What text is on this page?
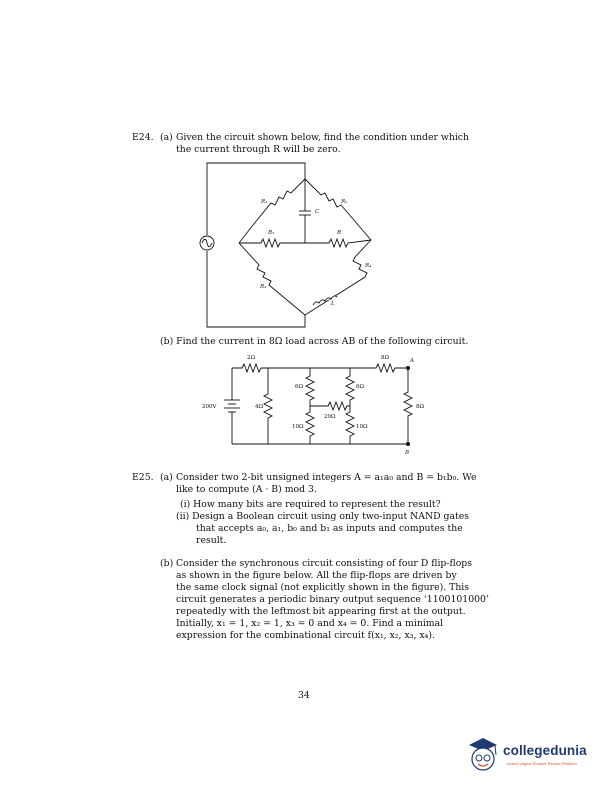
E24. (a) Given the circuit shown below, find the condition under which

the current through R will be zero.

R₁	R₂
C
R₃	R
R₄
R₃
L

(b) Find the current in 8Ω load across AB of the following circuit.

2Ω	8Ω	A
B
200V	4Ω
6Ω	6Ω
20Ω
10Ω	10Ω
8Ω

E25. (a) Consider two 2-bit unsigned integers A = a₁a₀ and B = b₁b₀. We

like to compute (A · B) mod 3.

(i) How many bits are required to represent the result?

(ii) Design a Boolean circuit using only two-input NAND gates

that accepts a₀, a₁, b₀ and b₁ as inputs and computes the

result.

(b) Consider the synchronous circuit consisting of four D flip-flops

as shown in the figure below. All the flip-flops are driven by

the same clock signal (not explicitly shown in the figure). This

circuit generates a periodic binary output sequence ‘1100101000’

repeatedly with the leftmost bit appearing first at the output.

Initially, x₁ = 1, x₂ = 1, x₃ = 0 and x₄ = 0. Find a minimal

expression for the combinational circuit f(x₁, x₂, x₃, x₄).

34

collegedunia
India's largest Student Review Platform
